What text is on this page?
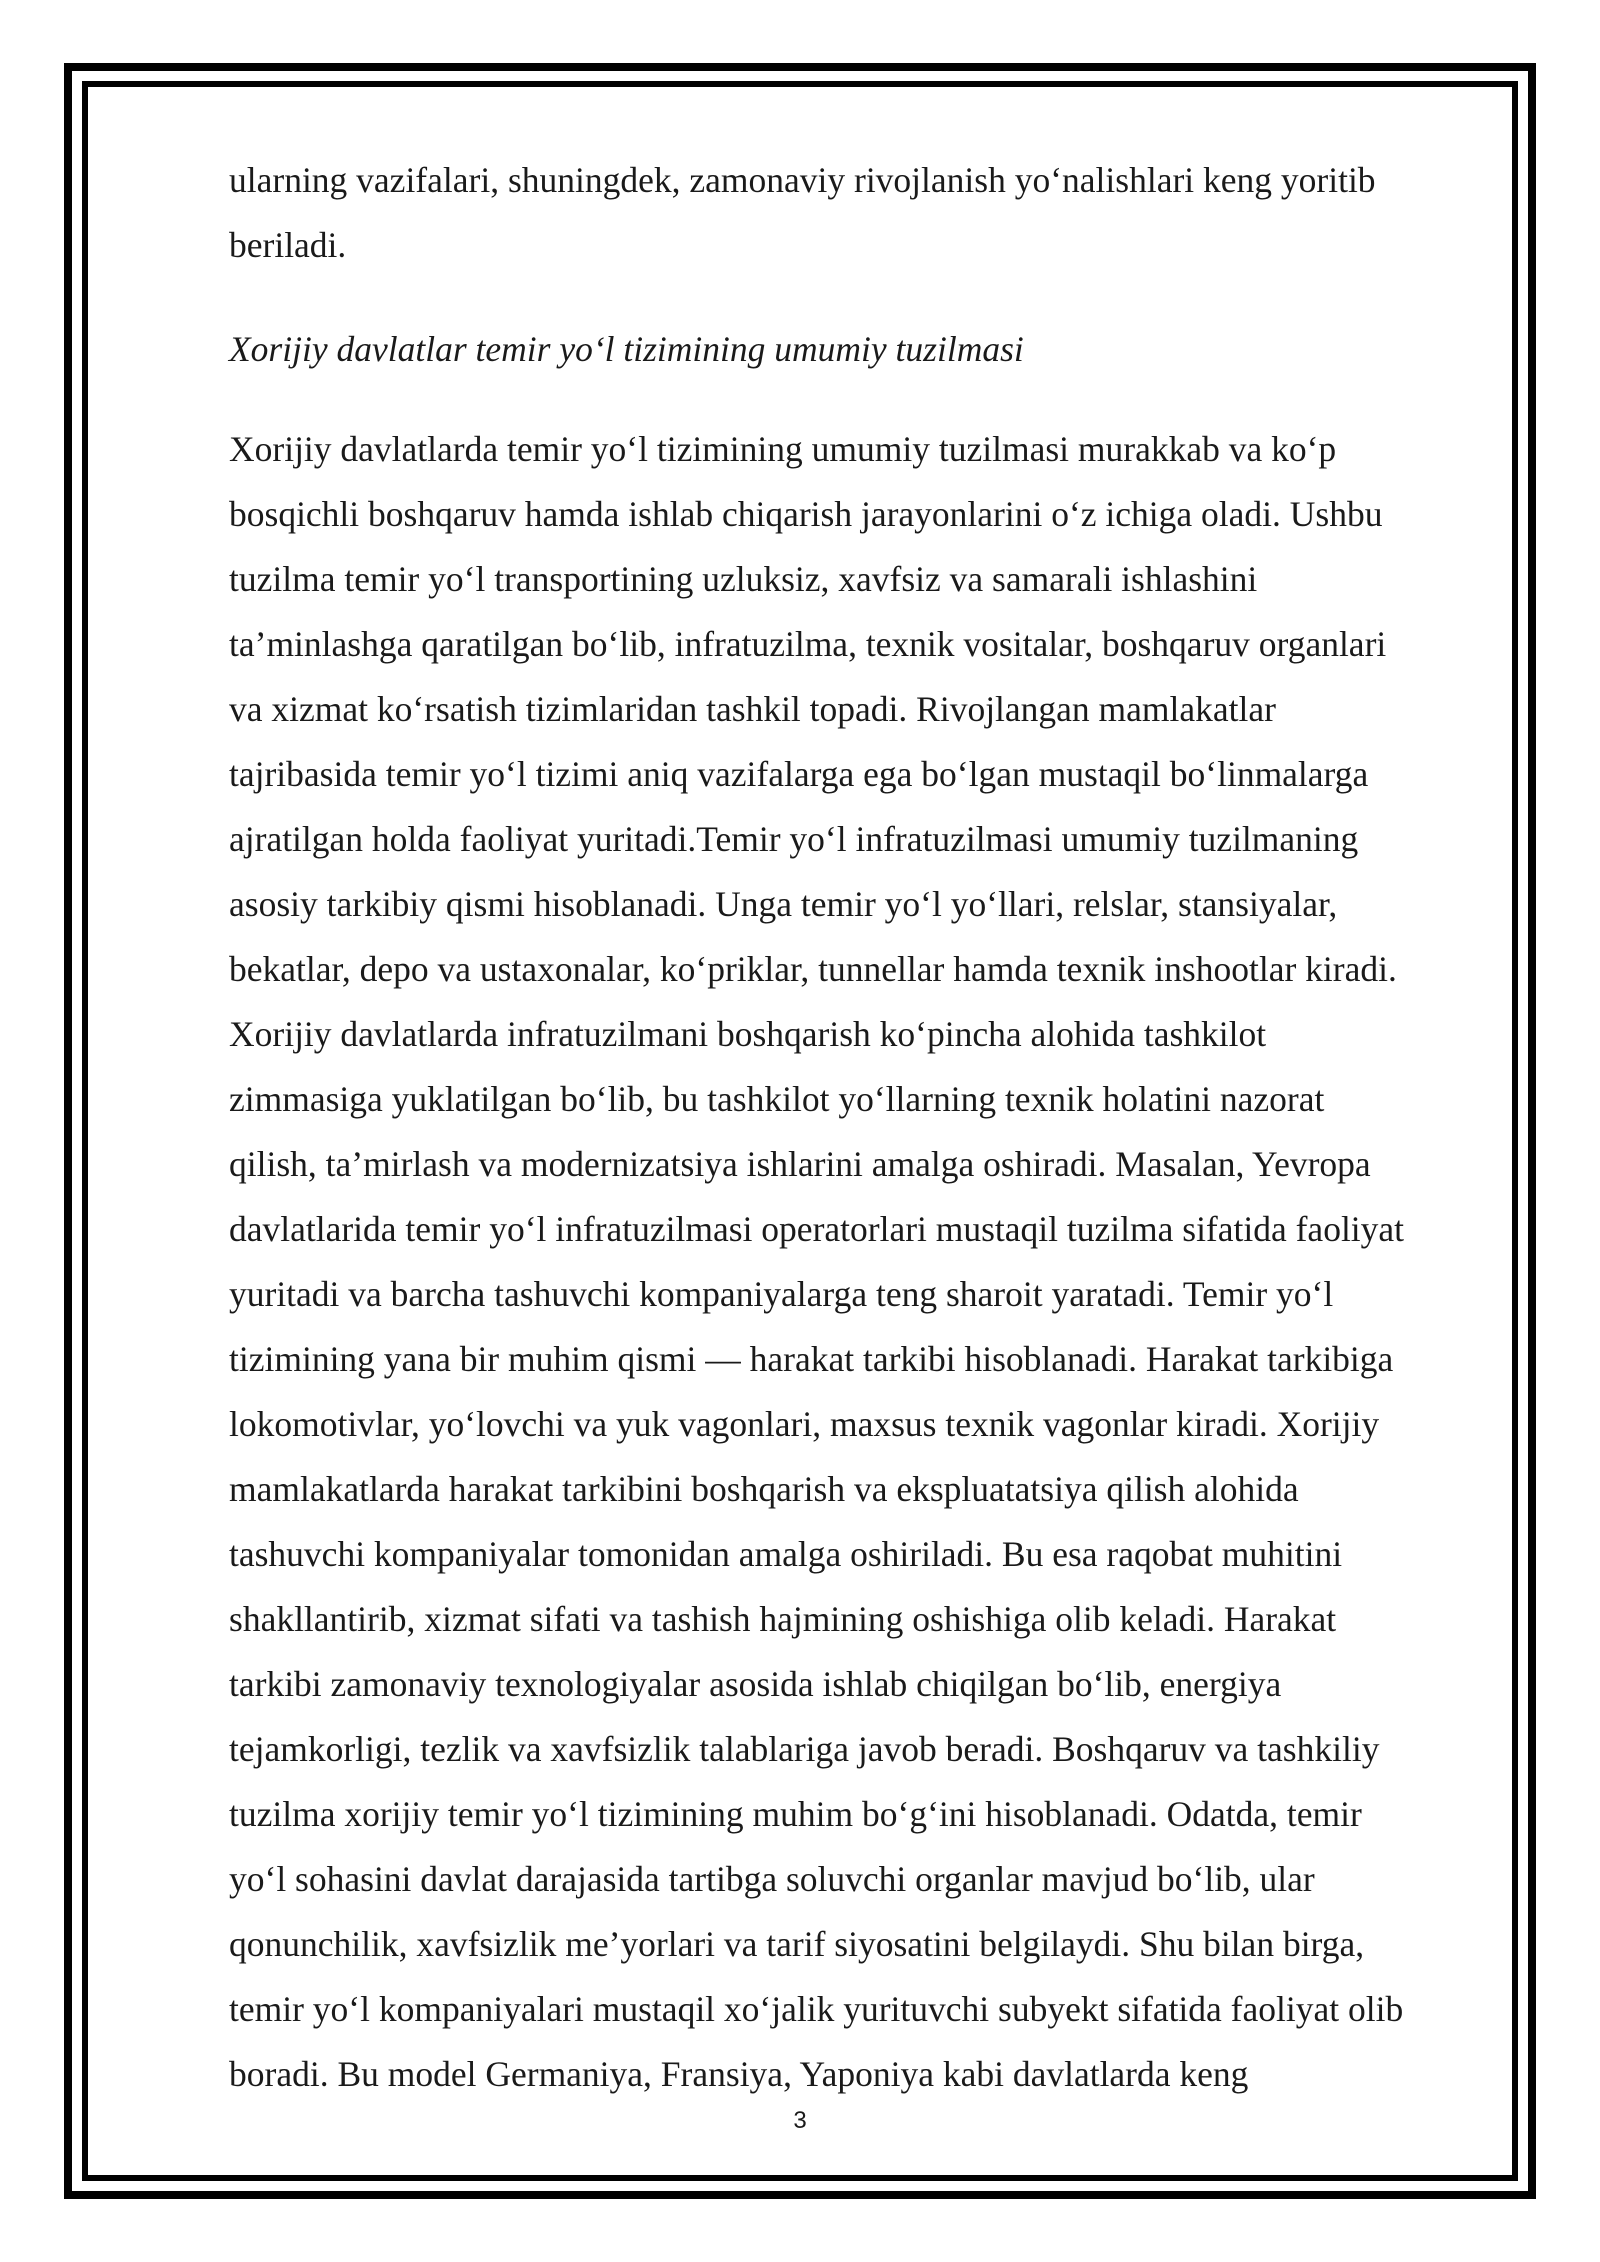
ularning vazifalari, shuningdek, zamonaviy rivojlanish yo‘nalishlari keng yoritib
beriladi.
Xorijiy davlatlar temir yo‘l tizimining umumiy tuzilmasi
Xorijiy davlatlarda temir yo‘l tizimining umumiy tuzilmasi murakkab va ko‘p
bosqichli boshqaruv hamda ishlab chiqarish jarayonlarini o‘z ichiga oladi. Ushbu
tuzilma temir yo‘l transportining uzluksiz, xavfsiz va samarali ishlashini
ta’minlashga qaratilgan bo‘lib, infratuzilma, texnik vositalar, boshqaruv organlari
va xizmat ko‘rsatish tizimlaridan tashkil topadi. Rivojlangan mamlakatlar
tajribasida temir yo‘l tizimi aniq vazifalarga ega bo‘lgan mustaqil bo‘linmalarga
ajratilgan holda faoliyat yuritadi.Temir yo‘l infratuzilmasi umumiy tuzilmaning
asosiy tarkibiy qismi hisoblanadi. Unga temir yo‘l yo‘llari, relslar, stansiyalar,
bekatlar, depo va ustaxonalar, ko‘priklar, tunnellar hamda texnik inshootlar kiradi.
Xorijiy davlatlarda infratuzilmani boshqarish ko‘pincha alohida tashkilot
zimmasiga yuklatilgan bo‘lib, bu tashkilot yo‘llarning texnik holatini nazorat
qilish, ta’mirlash va modernizatsiya ishlarini amalga oshiradi. Masalan, Yevropa
davlatlarida temir yo‘l infratuzilmasi operatorlari mustaqil tuzilma sifatida faoliyat
yuritadi va barcha tashuvchi kompaniyalarga teng sharoit yaratadi. Temir yo‘l
tizimining yana bir muhim qismi — harakat tarkibi hisoblanadi. Harakat tarkibiga
lokomotivlar, yo‘lovchi va yuk vagonlari, maxsus texnik vagonlar kiradi. Xorijiy
mamlakatlarda harakat tarkibini boshqarish va ekspluatatsiya qilish alohida
tashuvchi kompaniyalar tomonidan amalga oshiriladi. Bu esa raqobat muhitini
shakllantirib, xizmat sifati va tashish hajmining oshishiga olib keladi. Harakat
tarkibi zamonaviy texnologiyalar asosida ishlab chiqilgan bo‘lib, energiya
tejamkorligi, tezlik va xavfsizlik talablariga javob beradi. Boshqaruv va tashkiliy
tuzilma xorijiy temir yo‘l tizimining muhim bo‘g‘ini hisoblanadi. Odatda, temir
yo‘l sohasini davlat darajasida tartibga soluvchi organlar mavjud bo‘lib, ular
qonunchilik, xavfsizlik me’yorlari va tarif siyosatini belgilaydi. Shu bilan birga,
temir yo‘l kompaniyalari mustaqil xo‘jalik yurituvchi subyekt sifatida faoliyat olib
boradi. Bu model Germaniya, Fransiya, Yaponiya kabi davlatlarda keng
3
